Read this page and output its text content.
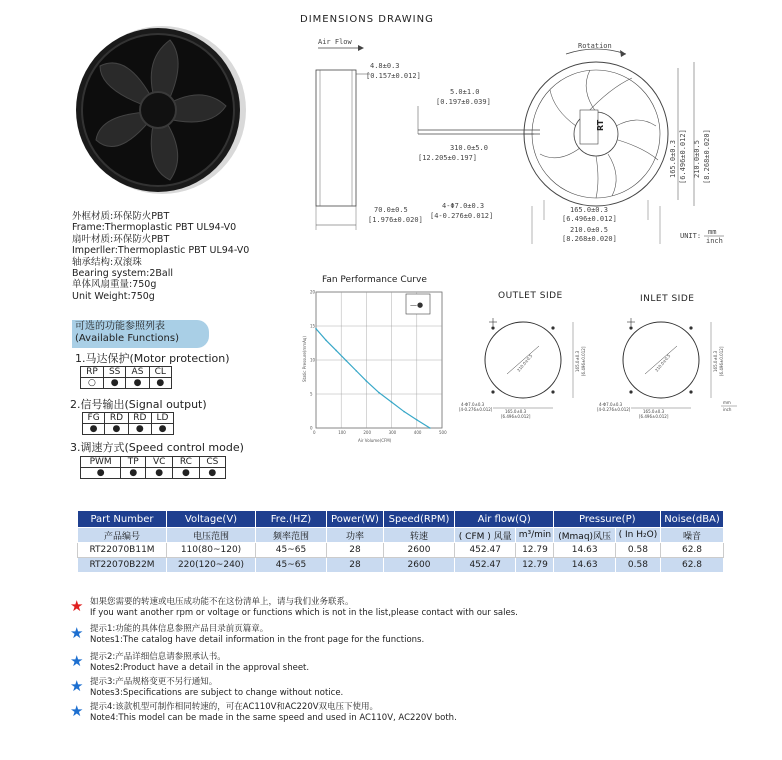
DIMENSIONS DRAWING
Air Flow
4.8±0.3
[0.157±0.012]
70.0±0.5
[1.976±0.020]
5.0±1.0
[0.197±0.039]
310.0±5.0
[12.205±0.197]
4-Φ7.0±0.3
[4-0.276±0.012]
Rotation
RT
165.0±0.3 [6.496±0.012] 210.0±0.5 [8.268±0.020]
165.0±0.3
[6.496±0.012]
210.0±0.5
[8.268±0.020]	UNIT: mm
inch
外框材质:环保防火PBT
Frame:Thermoplastic PBT UL94-V0
扇叶材质:环保防火PBT
Imperller:Thermoplastic PBT UL94-V0
轴承结构:双滚珠
Bearing system:2Ball
单体风扇重量:750g
Unit Weight:750g
可选的功能参照列表
(Available Functions)
1.马达保护(Motor protection)
RP	SS	AS	CL
○	●	●	●
2.信号输出(Signal output)
FG	RD	RD	LD
●	●	●	●
3.调速方式(Speed control mode)
PWM	TP	VC	RC	CS
●	●	●	●	●
Fan Performance Curve
0	100	200	300	400	500
0
5
10
15
20
—●
Air Volume(CFM)
Static Pressure(mmAq)
OUTLET SIDE	INLET SIDE
210.0±0.5	165.0±0.3 [6.496±0.012]
165.0±0.3
[6.496±0.012]
4-Φ7.0±0.3
[4-0.276±0.012]
210.0±0.5	165.0±0.3 [6.496±0.012]
165.0±0.3
[6.496±0.012]
4-Φ7.0±0.3
[4-0.276±0.012]
mm
inch
Part Number	Voltage(V)	Fre.(HZ)	Power(W)	Speed(RPM)	Air flow(Q)		Pressure(P)		Noise(dBA)
产品编号	电压范围	频率范围	功率	转速	( CFM ) 风量	m³/min	(Mmaq)风压	( In H₂O)	噪音
RT22070B11M	110(80~120)	45~65	28	2600	452.47	12.79	14.63	0.58	62.8
RT22070B22M	220(120~240)	45~65	28	2600	452.47	12.79	14.63	0.58	62.8
★ 如果您需要的转速或电压成功能不在这份清单上，请与我们业务联系。
If you want another rpm or voltage or functions which is not in the list,please contact with our sales.
★ 提示1:功能的具体信息参照产品目录前页篇章。
Notes1:The catalog have detail information in the front page for the functions.
★ 提示2:产品详细信息请参照承认书。
Notes2:Product have a detail in the approval sheet.
★ 提示3:产品规格变更不另行通知。
Notes3:Specifications are subject to change without notice.
★ 提示4:该款机型可制作相同转速的，可在AC110V和AC220V双电压下使用。
Note4:This model can be made in the same speed and used in AC110V, AC220V both.
